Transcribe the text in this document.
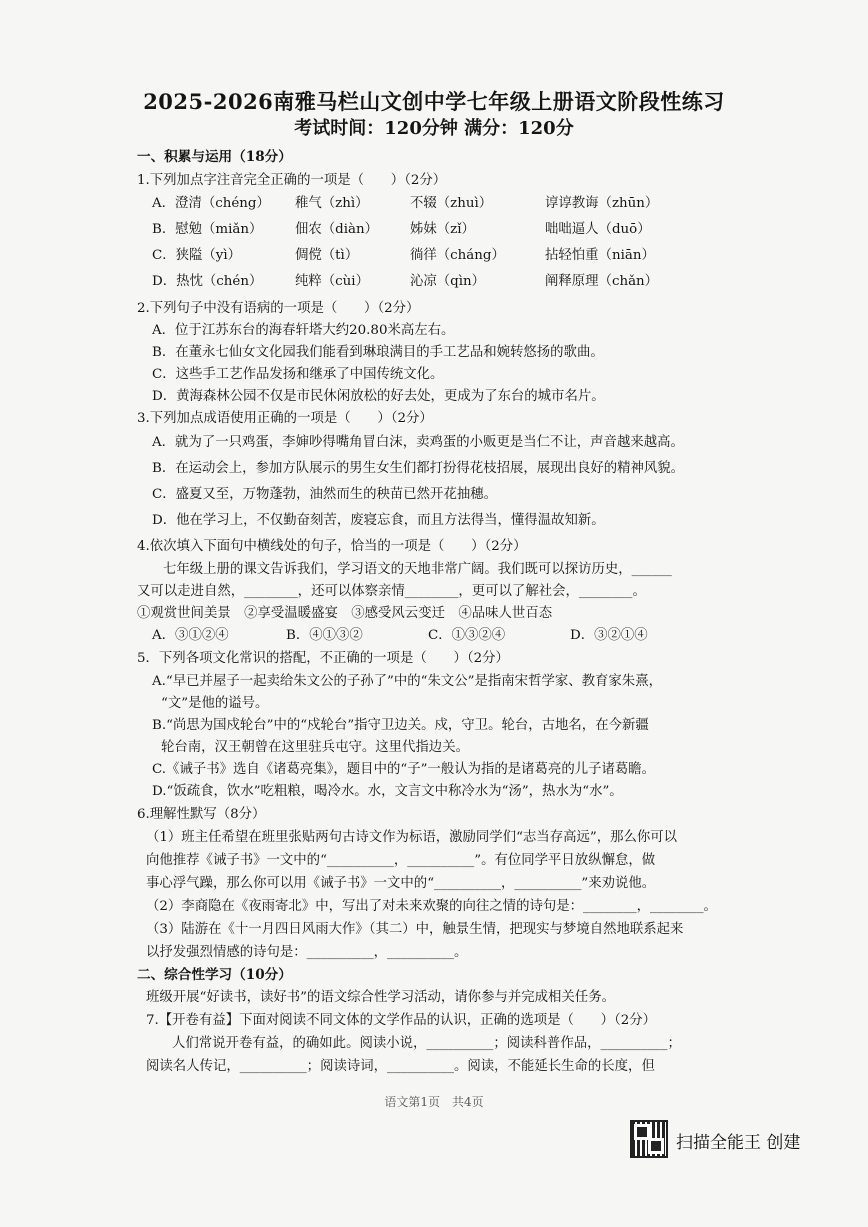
2025-2026南雅马栏山文创中学七年级上册语文阶段性练习
考试时间：120分钟 满分：120分
一、积累与运用（18分）
1.下列加点字注音完全正确的一项是（　　）（2分）
A．澄清（chéng） 稚气（zhì）	不辍（zhuì）	谆谆教诲（zhūn）
B．慰勉（miǎn） 佃农（diàn） 姊妹（zǐ）	咄咄逼人（duō）
C．狭隘（yì）	倜傥（tì）	徜徉（cháng）	拈轻怕重（niān）
D．热忱（chén） 纯粹（cùi）	沁凉（qìn）	阐释原理（chǎn）
2.下列句子中没有语病的一项是（　　）（2分）
A．位于江苏东台的海春轩塔大约20.80米高左右。
B．在董永七仙女文化园我们能看到琳琅满目的手工艺品和婉转悠扬的歌曲。
C．这些手工艺作品发扬和继承了中国传统文化。
D．黄海森林公园不仅是市民休闲放松的好去处，更成为了东台的城市名片。
3.下列加点成语使用正确的一项是（　　）（2分）
A．就为了一只鸡蛋，李婶吵得嘴角冒白沫，卖鸡蛋的小贩更是当仁不让，声音越来越高。
B．在运动会上，参加方队展示的男生女生们都打扮得花枝招展，展现出良好的精神风貌。
C．盛夏又至，万物蓬勃，油然而生的秧苗已然开花抽穗。
D．他在学习上，不仅勤奋刻苦，废寝忘食，而且方法得当，懂得温故知新。
4.依次填入下面句中横线处的句子，恰当的一项是（　　）（2分）
七年级上册的课文告诉我们，学习语文的天地非常广阔。我们既可以探访历史，______
又可以走进自然，________，还可以体察亲情________，更可以了解社会，________。
①观赏世间美景　②享受温暖盛宴　③感受风云变迁　④品味人世百态
A．③①②④	B．④①③②	C．①③②④	D．③②①④
5．下列各项文化常识的搭配，不正确的一项是（　　）（2分）
A.“早已并屋子一起卖给朱文公的子孙了”中的“朱文公”是指南宋哲学家、教育家朱熹，
“文”是他的谥号。
B.“尚思为国戍轮台”中的“戍轮台”指守卫边关。戍，守卫。轮台，古地名，在今新疆
轮台南，汉王朝曾在这里驻兵屯守。这里代指边关。
C.《诫子书》选自《诸葛亮集》，题目中的“子”一般认为指的是诸葛亮的儿子诸葛瞻。
D.“饭疏食，饮水”吃粗粮，喝冷水。水，文言文中称冷水为“汤”，热水为“水”。
6.理解性默写（8分）
（1）班主任希望在班里张贴两句古诗文作为标语，激励同学们“志当存高远”，那么你可以
向他推荐《诫子书》一文中的“__________，__________”。有位同学平日放纵懈怠，做
事心浮气躁，那么你可以用《诫子书》一文中的“__________，__________”来劝说他。
（2）李商隐在《夜雨寄北》中，写出了对未来欢聚的向往之情的诗句是：________，________。
（3）陆游在《十一月四日风雨大作》（其二）中，触景生情，把现实与梦境自然地联系起来
以抒发强烈情感的诗句是：__________，__________。
二、综合性学习（10分）
班级开展“好读书，读好书”的语文综合性学习活动，请你参与并完成相关任务。
7.【开卷有益】下面对阅读不同文体的文学作品的认识，正确的选项是（　　）（2分）
人们常说开卷有益，的确如此。阅读小说，__________；阅读科普作品，__________；
阅读名人传记，__________；阅读诗词，__________。阅读，不能延长生命的长度，但
语文第1页　共4页
扫描全能王 创建
